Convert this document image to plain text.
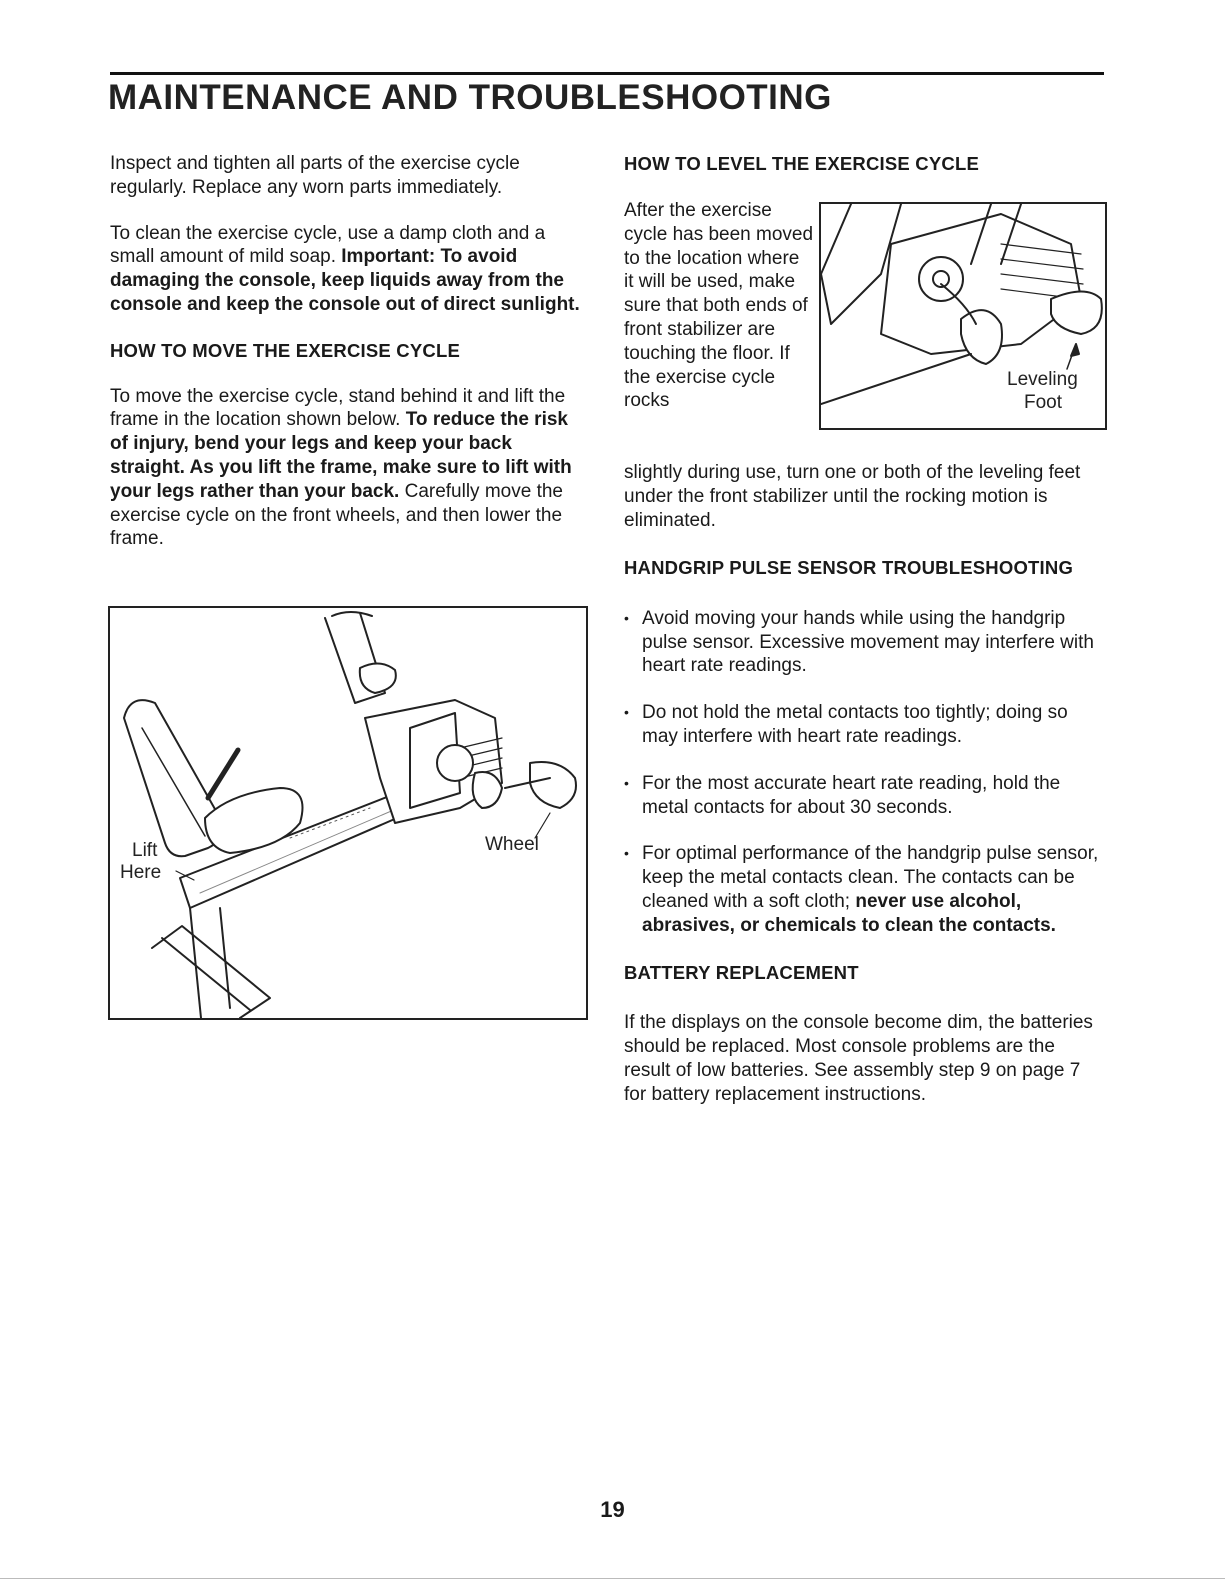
MAINTENANCE AND TROUBLESHOOTING

Inspect and tighten all parts of the exercise cycle regularly. Replace any worn parts immediately.

To clean the exercise cycle, use a damp cloth and a small amount of mild soap. Important: To avoid damaging the console, keep liquids away from the console and keep the console out of direct sunlight.

HOW TO MOVE THE EXERCISE CYCLE

To move the exercise cycle, stand behind it and lift the frame in the location shown below. To reduce the risk of injury, bend your legs and keep your back straight. As you lift the frame, make sure to lift with your legs rather than your back. Carefully move the exercise cycle on the front wheels, and then lower the frame.

Lift
Here
Wheel
HOW TO LEVEL THE EXERCISE CYCLE
After the exercise cycle has been moved to the location where it will be used, make sure that both ends of front stabilizer are touching the floor. If the exercise cycle rocks
Leveling
Foot
slightly during use, turn one or both of the leveling feet under the front stabilizer until the rocking motion is eliminated.
HANDGRIP PULSE SENSOR TROUBLESHOOTING
• Avoid moving your hands while using the handgrip pulse sensor. Excessive movement may interfere with heart rate readings.
• Do not hold the metal contacts too tightly; doing so may interfere with heart rate readings.
• For the most accurate heart rate reading, hold the metal contacts for about 30 seconds.
• For optimal performance of the handgrip pulse sensor, keep the metal contacts clean. The contacts can be cleaned with a soft cloth; never use alcohol, abrasives, or chemicals to clean the contacts.
BATTERY REPLACEMENT

If the displays on the console become dim, the batteries should be replaced. Most console problems are the result of low batteries. See assembly step 9 on page 7 for battery replacement instructions.

19
